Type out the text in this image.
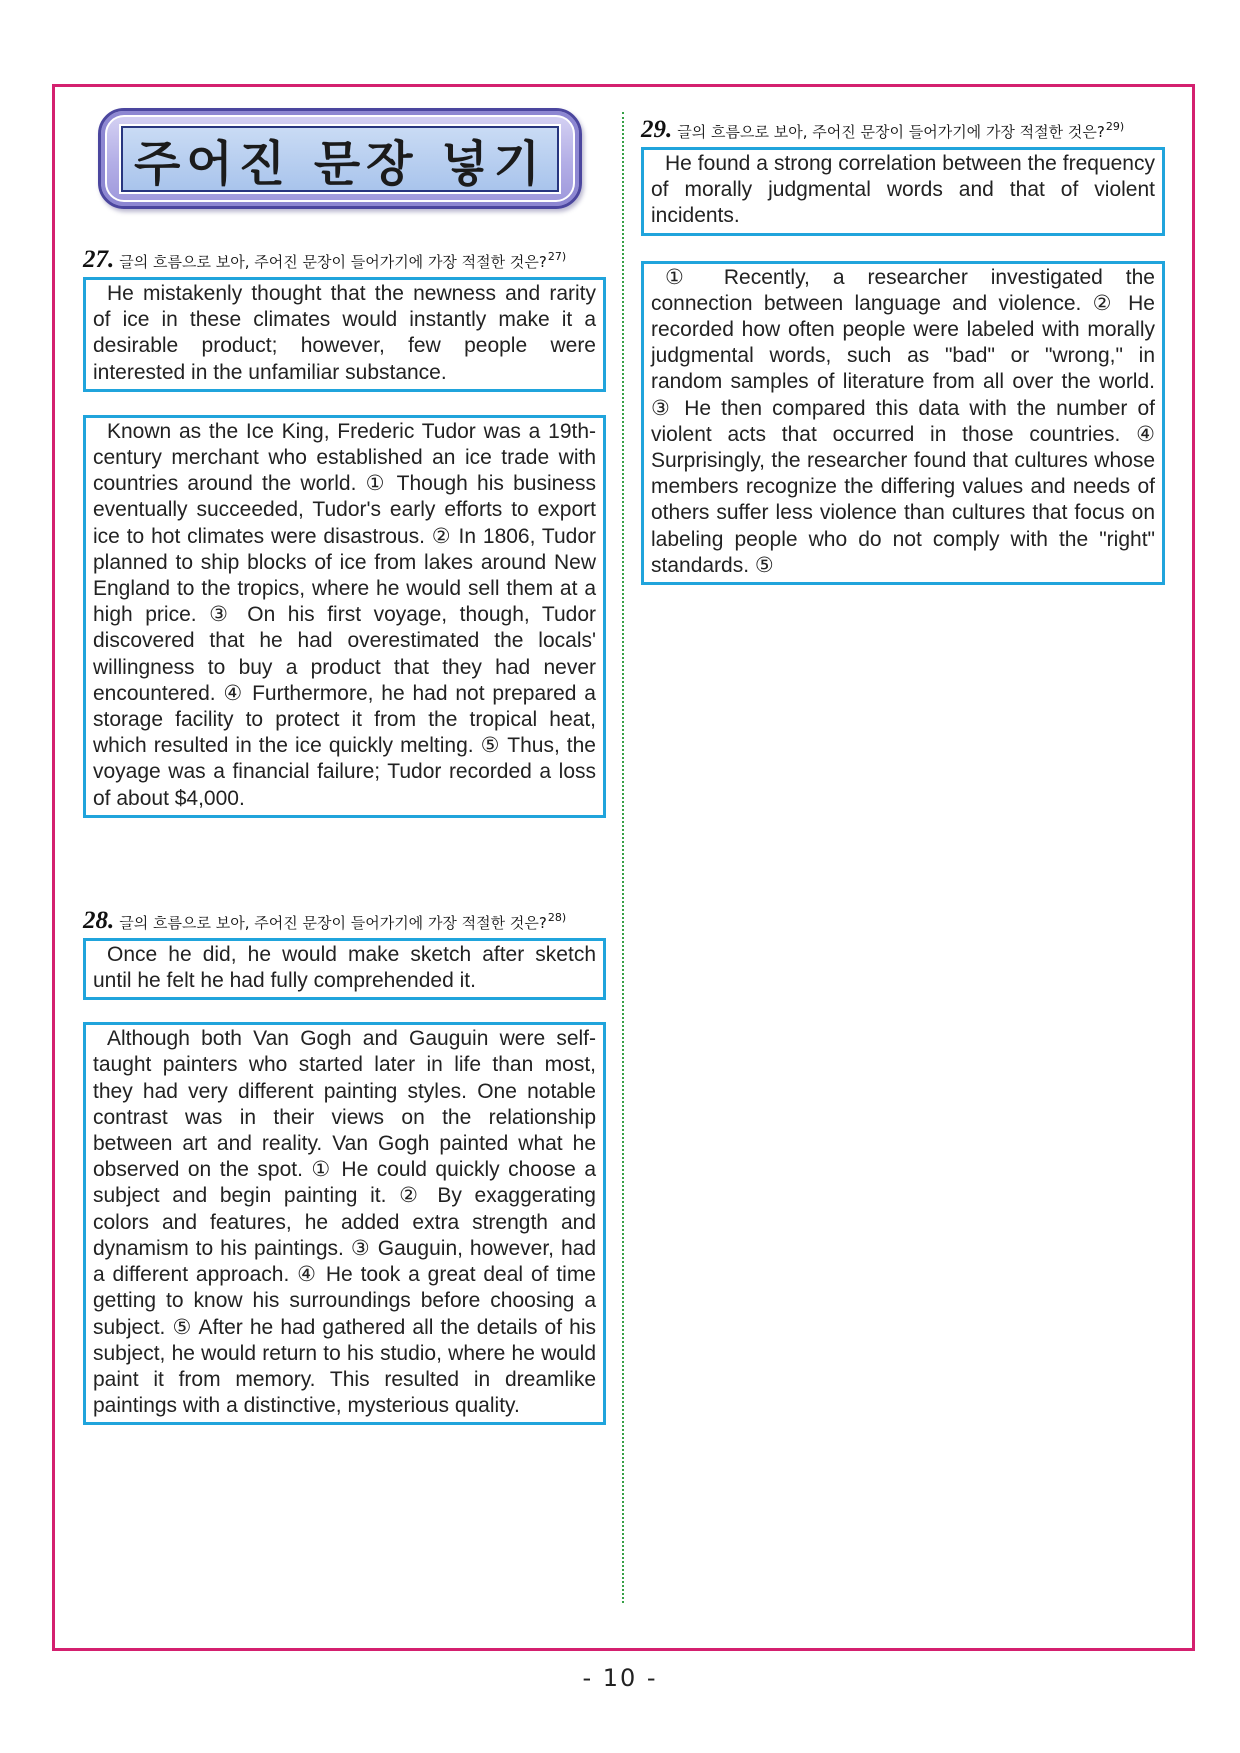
주어진 문장 넣기
27. 글의 흐름으로 보아, 주어진 문장이 들어가기에 가장 적절한 것은? 27)
He mistakenly thought that the newness and rarity of ice in these climates would instantly make it a desirable product; however, few people were interested in the unfamiliar substance.
Known as the Ice King, Frederic Tudor was a 19th-century merchant who established an ice trade with countries around the world. ① Though his business eventually succeeded, Tudor's early efforts to export ice to hot climates were disastrous. ② In 1806, Tudor planned to ship blocks of ice from lakes around New England to the tropics, where he would sell them at a high price. ③ On his first voyage, though, Tudor discovered that he had overestimated the locals' willingness to buy a product that they had never encountered. ④ Furthermore, he had not prepared a storage facility to protect it from the tropical heat, which resulted in the ice quickly melting. ⑤ Thus, the voyage was a financial failure; Tudor recorded a loss of about $4,000.
28. 글의 흐름으로 보아, 주어진 문장이 들어가기에 가장 적절한 것은? 28)
Once he did, he would make sketch after sketch until he felt he had fully comprehended it.
Although both Van Gogh and Gauguin were self-taught painters who started later in life than most, they had very different painting styles. One notable contrast was in their views on the relationship between art and reality. Van Gogh painted what he observed on the spot. ① He could quickly choose a subject and begin painting it. ② By exaggerating colors and features, he added extra strength and dynamism to his paintings. ③ Gauguin, however, had a different approach. ④ He took a great deal of time getting to know his surroundings before choosing a subject. ⑤ After he had gathered all the details of his subject, he would return to his studio, where he would paint it from memory. This resulted in dreamlike paintings with a distinctive, mysterious quality.
29. 글의 흐름으로 보아, 주어진 문장이 들어가기에 가장 적절한 것은? 29)
He found a strong correlation between the frequency of morally judgmental words and that of violent incidents.
① Recently, a researcher investigated the connection between language and violence. ② He recorded how often people were labeled with morally judgmental words, such as "bad" or "wrong," in random samples of literature from all over the world. ③ He then compared this data with the number of violent acts that occurred in those countries. ④ Surprisingly, the researcher found that cultures whose members recognize the differing values and needs of others suffer less violence than cultures that focus on labeling people who do not comply with the "right" standards. ⑤
- 10 -
